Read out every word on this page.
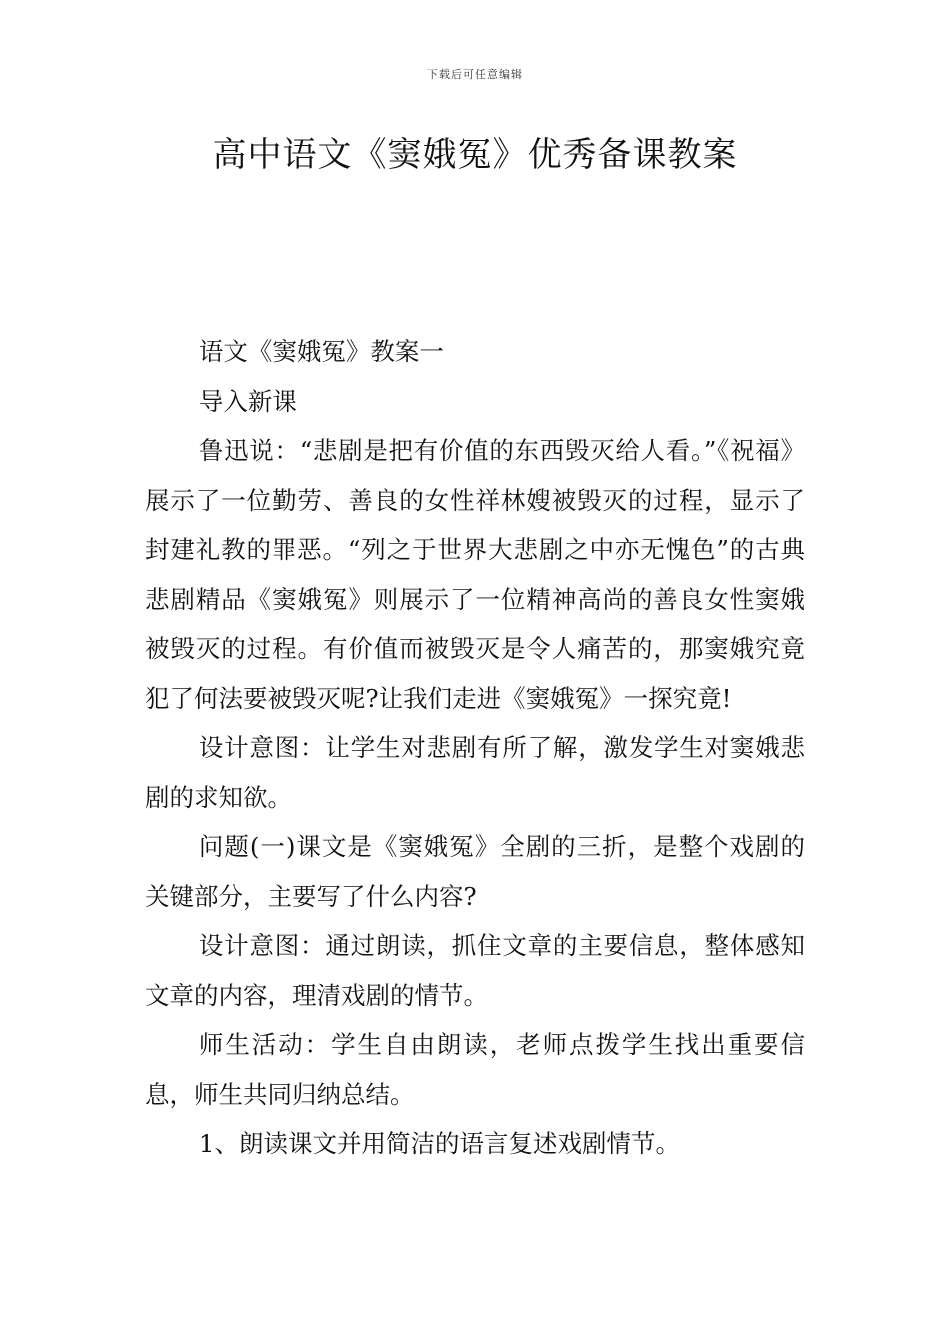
下载后可任意编辑
高中语文《窦娥冤》优秀备课教案

语文《窦娥冤》教案一

导入新课

鲁迅说：“悲剧是把有价值的东西毁灭给人看。”《祝福》展示了一位勤劳、善良的女性祥林嫂被毁灭的过程，显示了封建礼教的罪恶。“列之于世界大悲剧之中亦无愧色”的古典悲剧精品《窦娥冤》则展示了一位精神高尚的善良女性窦娥被毁灭的过程。有价值而被毁灭是令人痛苦的，那窦娥究竟犯了何法要被毁灭呢?让我们走进《窦娥冤》一探究竟!

设计意图：让学生对悲剧有所了解，激发学生对窦娥悲剧的求知欲。

问题(一)课文是《窦娥冤》全剧的三折，是整个戏剧的关键部分，主要写了什么内容?

设计意图：通过朗读，抓住文章的主要信息，整体感知文章的内容，理清戏剧的情节。

师生活动：学生自由朗读，老师点拨学生找出重要信息，师生共同归纳总结。

1、朗读课文并用简洁的语言复述戏剧情节。
